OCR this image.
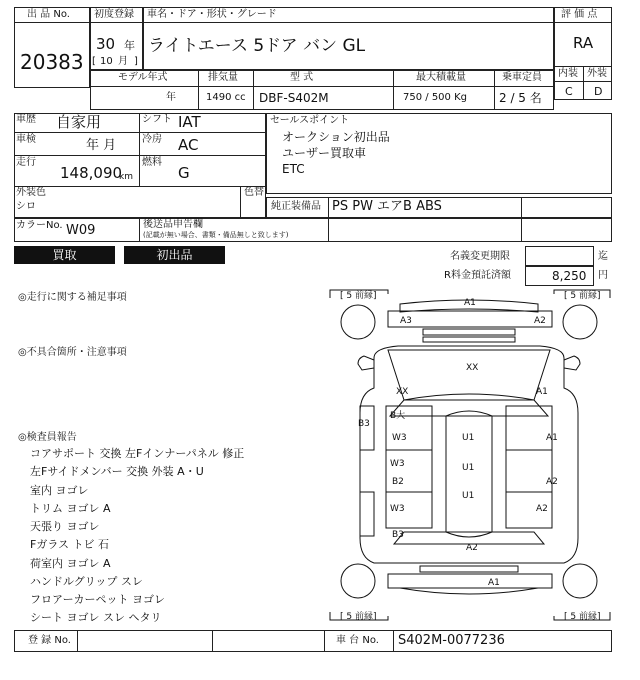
出 品 No.
20383
初度登録
30 年
[ 10 月 ]
車名・ドア・形状・グレード
ライトエース 5ドア バン GL
評 価 点
RA
内装 外装
C D
モデル年式
年
排気量
1490 cc
型 式
DBF-S402M
最大積載量
750 / 500 Kg
乗車定員
2 / 5 名
車歴 自家用	シフト IAT
車検	年 月	冷房 AC
走行
148,090
km
燃料
G
外装色
シロ
色替
セールスポイント
オークション初出品
ユーザー買取車
ETC
純正装備品 PS PW エアB ABS
カラーNo. W09	後送品申告欄
(記載が無い場合、書類・備品無しと致します)
買取	初出品	名義変更期限	迄
R料金預託済額	8,250 円
◎走行に関する補足事項
◎不具合箇所・注意事項
◎検査員報告
コアサポート 交換 左Fインナーパネル 修正
左Fサイドメンバー 交換 外装 A・U
室内 ヨゴレ
トリム ヨゴレ A
天張り ヨゴレ
Fガラス トビ 石
荷室内 ヨゴレ A
ハンドルグリップ スレ
フロアーカーペット ヨゴレ
シート ヨゴレ スレ ヘタリ
[ 5 前縁]	[ 5 前縁]
[ 5 前縁]	[ 5 前縁]
A1
A3	A2
XX
XX	A1
B3
B大
W3	U1	A1
W3	U1
B2	A2
U1
W3	A2
B3
A2
A1
登 録 No.	車 台 No. S402M-0077236
